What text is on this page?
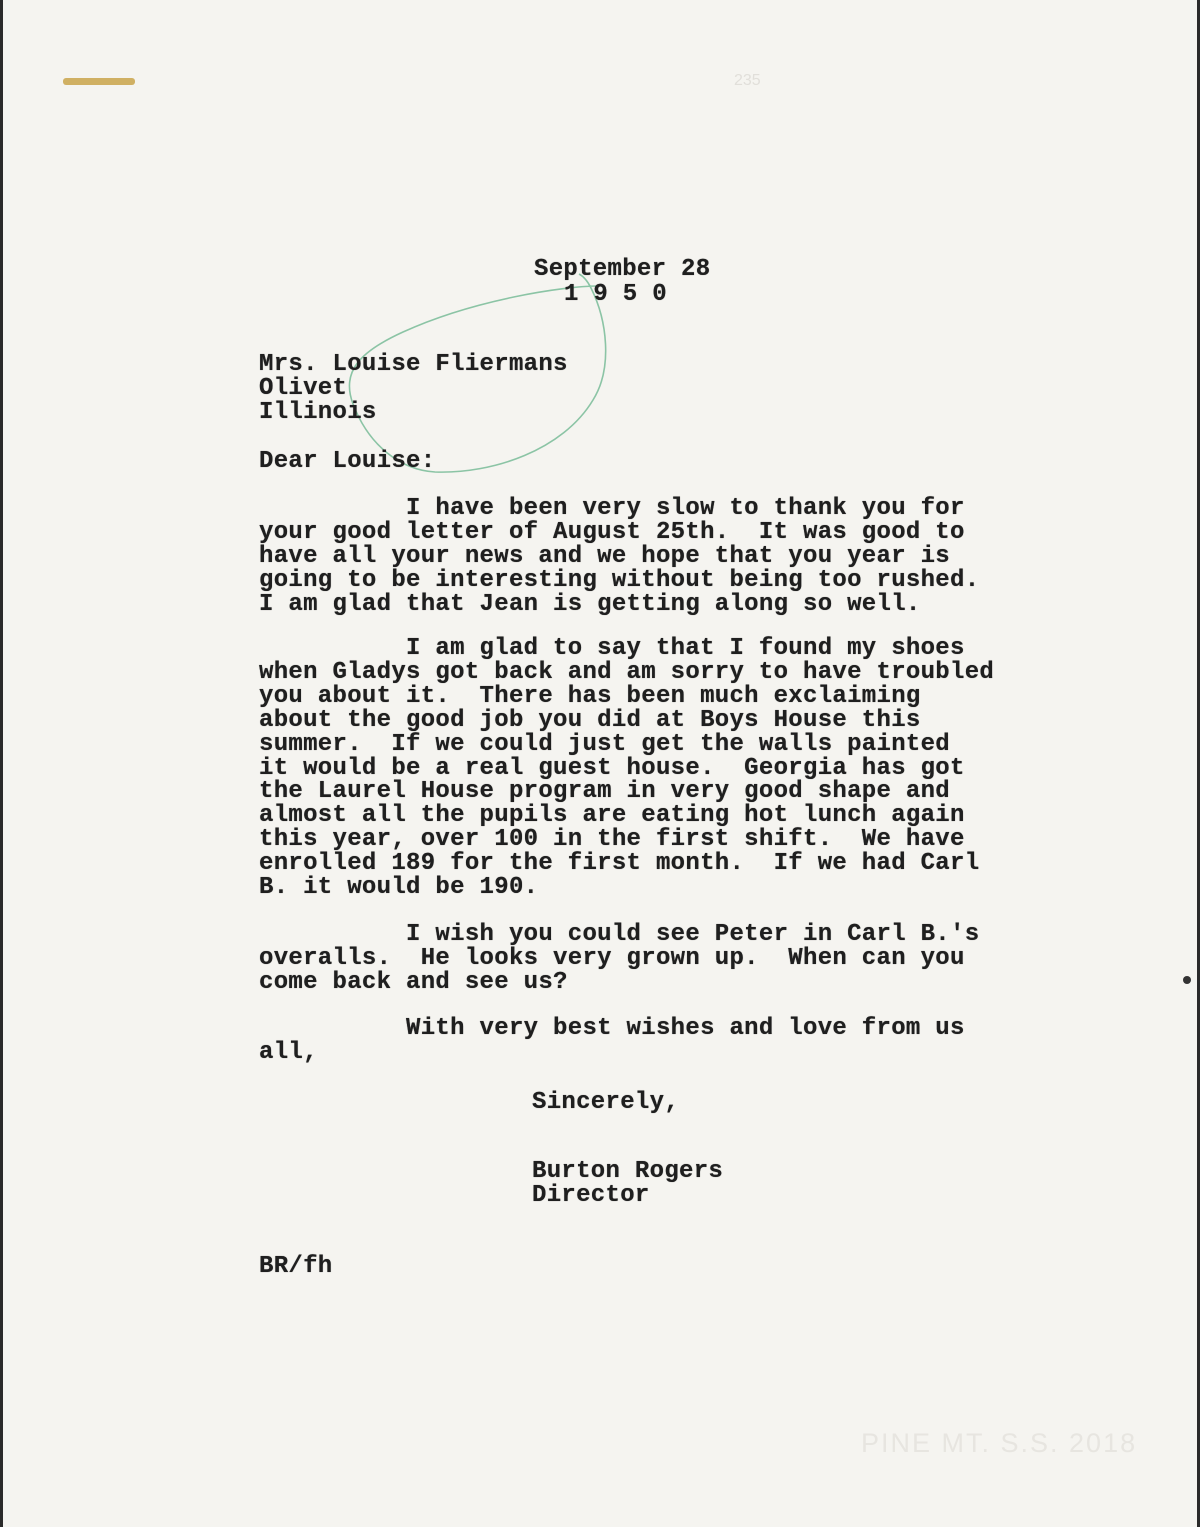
235
September 28
1 9 5 0
Mrs. Louise Fliermans
Olivet
Illinois
Dear Louise:
I have been very slow to thank you for
your good letter of August 25th.  It was good to
have all your news and we hope that you year is
going to be interesting without being too rushed.
I am glad that Jean is getting along so well.
I am glad to say that I found my shoes
when Gladys got back and am sorry to have troubled
you about it.  There has been much exclaiming
about the good job you did at Boys House this
summer.  If we could just get the walls painted
it would be a real guest house.  Georgia has got
the Laurel House program in very good shape and
almost all the pupils are eating hot lunch again
this year, over 100 in the first shift.  We have
enrolled 189 for the first month.  If we had Carl
B. it would be 190.
I wish you could see Peter in Carl B.'s
overalls.  He looks very grown up.  When can you
come back and see us?
With very best wishes and love from us
all,
Sincerely,
Burton Rogers
Director
BR/fh
PINE MT. S.S. 2018
